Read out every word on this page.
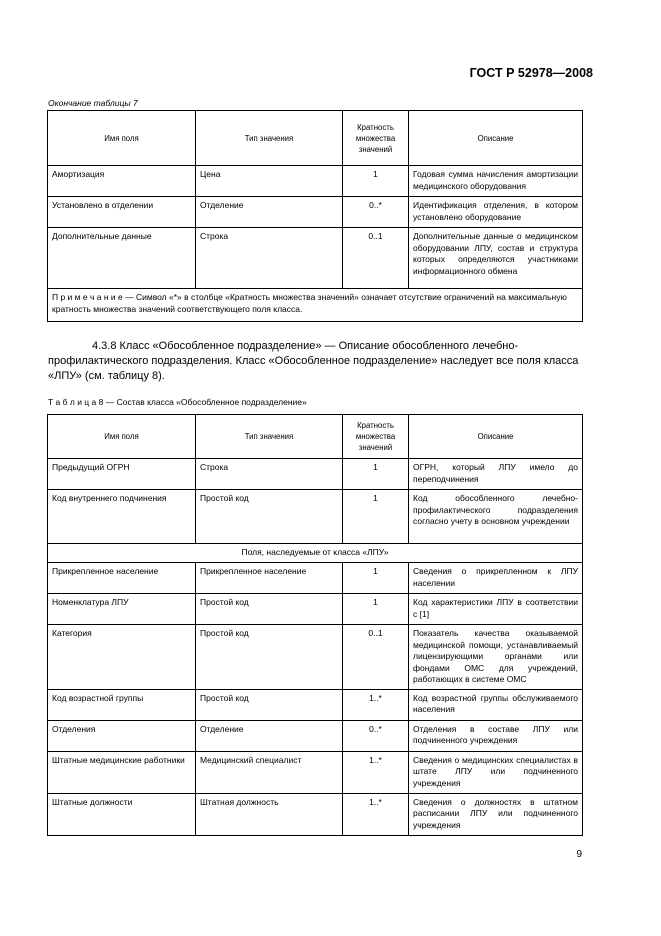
ГОСТ Р 52978—2008
Окончание таблицы 7
Имя поля	Тип значения	Кратность множества значений	Описание
Амортизация	Цена	1	Годовая сумма начисления амортизации медицинского оборудования
Установлено в отделении	Отделение	0..*	Идентификация отделения, в котором установлено оборудование
Дополнительные данные	Строка	0..1	Дополнительные данные о медицинском оборудовании ЛПУ, состав и структура которых определяются участниками информационного обмена
П р и м е ч а н и е — Символ «*» в столбце «Кратность множества значений» означает отсутствие ограничений на максимальную кратность множества значений соответствующего поля класса.			

4.3.8 Класс «Обособленное подразделение» — Описание обособленного лечебно-профилактического подразделения. Класс «Обособленное подразделение» наследует все поля класса «ЛПУ» (см. таблицу 8).

Т а б л и ц а 8 — Состав класса «Обособленное подразделение»
Имя поля	Тип значения	Кратность множества значений	Описание
Предыдущий ОГРН	Строка	1	ОГРН, который ЛПУ имело до переподчинения
Код внутреннего подчинения	Простой код	1	Код обособленного лечебно-профилактического подразделения согласно учету в основном учреждении
Поля, наследуемые от класса «ЛПУ»			
Прикрепленное население	Прикрепленное население	1	Сведения о прикрепленном к ЛПУ населении
Номенклатура ЛПУ	Простой код	1	Код характеристики ЛПУ в соответствии с [1]
Категория	Простой код	0..1	Показатель качества оказываемой медицинской помощи, устанавливаемый лицензирующими органами или фондами ОМС для учреждений, работающих в системе ОМС
Код возрастной группы	Простой код	1..*	Код возрастной группы обслуживаемого населения
Отделения	Отделение	0..*	Отделения в составе ЛПУ или подчиненного учреждения
Штатные медицинские работники	Медицинский специалист	1..*	Сведения о медицинских специалистах в штате ЛПУ или подчиненного учреждения
Штатные должности	Штатная должность	1..*	Сведения о должностях в штатном расписании ЛПУ или подчиненного учреждения
9
